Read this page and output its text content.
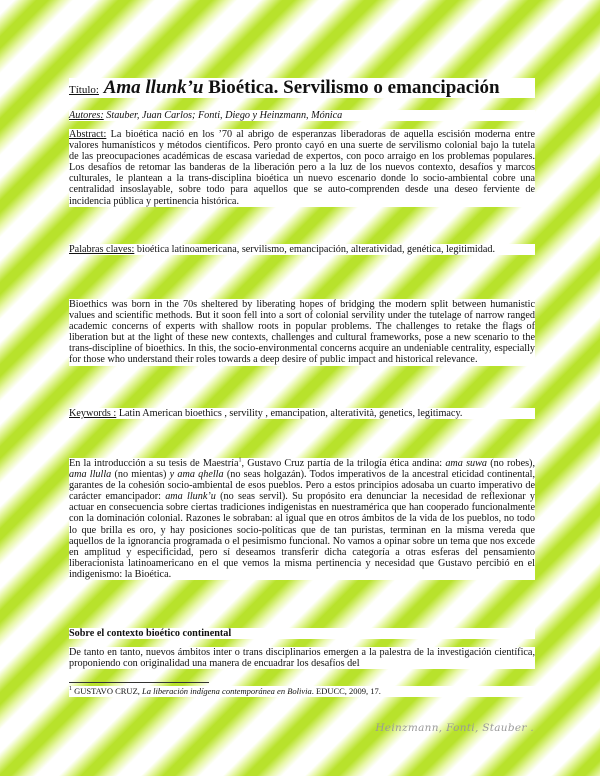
Título: Ama llunk’u Bioética. Servilismo o emancipación

Autores: Stauber, Juan Carlos; Fonti, Diego y Heinzmann, Mónica

Abstract: La bioética nació en los ’70 al abrigo de esperanzas liberadoras de aquella escisión moderna entre valores humanísticos y métodos científicos. Pero pronto cayó en una suerte de servilismo colonial bajo la tutela de las preocupaciones académicas de escasa variedad de expertos, con poco arraigo en los problemas populares. Los desafíos de retomar las banderas de la liberación pero a la luz de los nuevos contexto, desafíos y marcos culturales, le plantean a la trans-disciplina bioética un nuevo escenario donde lo socio-ambiental cobre una centralidad insoslayable, sobre todo para aquellos que se auto-comprenden desde una deseo ferviente de incidencia pública y pertinencia histórica.

Palabras claves: bioética latinoamericana, servilismo, emancipación, alteratividad, genética, legitimidad.

Bioethics was born in the 70s sheltered by liberating hopes of bridging the modern split between humanistic values and scientific methods. But it soon fell into a sort of colonial servility under the tutelage of narrow ranged academic concerns of experts with shallow roots in popular problems. The challenges to retake the flags of liberation but at the light of these new contexts, challenges and cultural frameworks, pose a new scenario to the trans-discipline of bioethics. In this, the socio-environmental concerns acquire an undeniable centrality, especially for those who understand their roles towards a deep desire of public impact and historical relevance.

Keywords : Latin American bioethics , servility , emancipation, alteratività, genetics, legitimacy.

En la introducción a su tesis de Maestría$^1$, Gustavo Cruz partía de la trilogía ética andina: ama suwa (no robes), ama llulla (no mientas) y ama qhella (no seas holgazán). Todos imperativos de la ancestral eticidad continental, garantes de la cohesión socio-ambiental de esos pueblos. Pero a estos principios adosaba un cuarto imperativo de carácter emancipador: ama llunk’u (no seas servil). Su propósito era denunciar la necesidad de reflexionar y actuar en consecuencia sobre ciertas tradiciones indigenistas en nuestramérica que han cooperado funcionalmente con la dominación colonial. Razones le sobraban: al igual que en otros ámbitos de la vida de los pueblos, no todo lo que brilla es oro, y hay posiciones socio-políticas que de tan puristas, terminan en la misma vereda que aquellos de la ignorancia programada o el pesimismo funcional. No vamos a opinar sobre un tema que nos excede en amplitud y especificidad, pero sí deseamos transferir dicha categoría a otras esferas del pensamiento liberacionista latinoamericano en el que vemos la misma pertinencia y necesidad que Gustavo percibió en el indigenismo: la Bioética.

Sobre el contexto bioético continental

De tanto en tanto, nuevos ámbitos inter o trans disciplinarios emergen a la palestra de la investigación científica, proponiendo con originalidad una manera de encuadrar los desafíos del

$^1$ GUSTAVO CRUZ, La liberación indígena contemporánea en Bolivia. EDUCC, 2009, 17.
Heinzmann, Fonti, Stauber .
